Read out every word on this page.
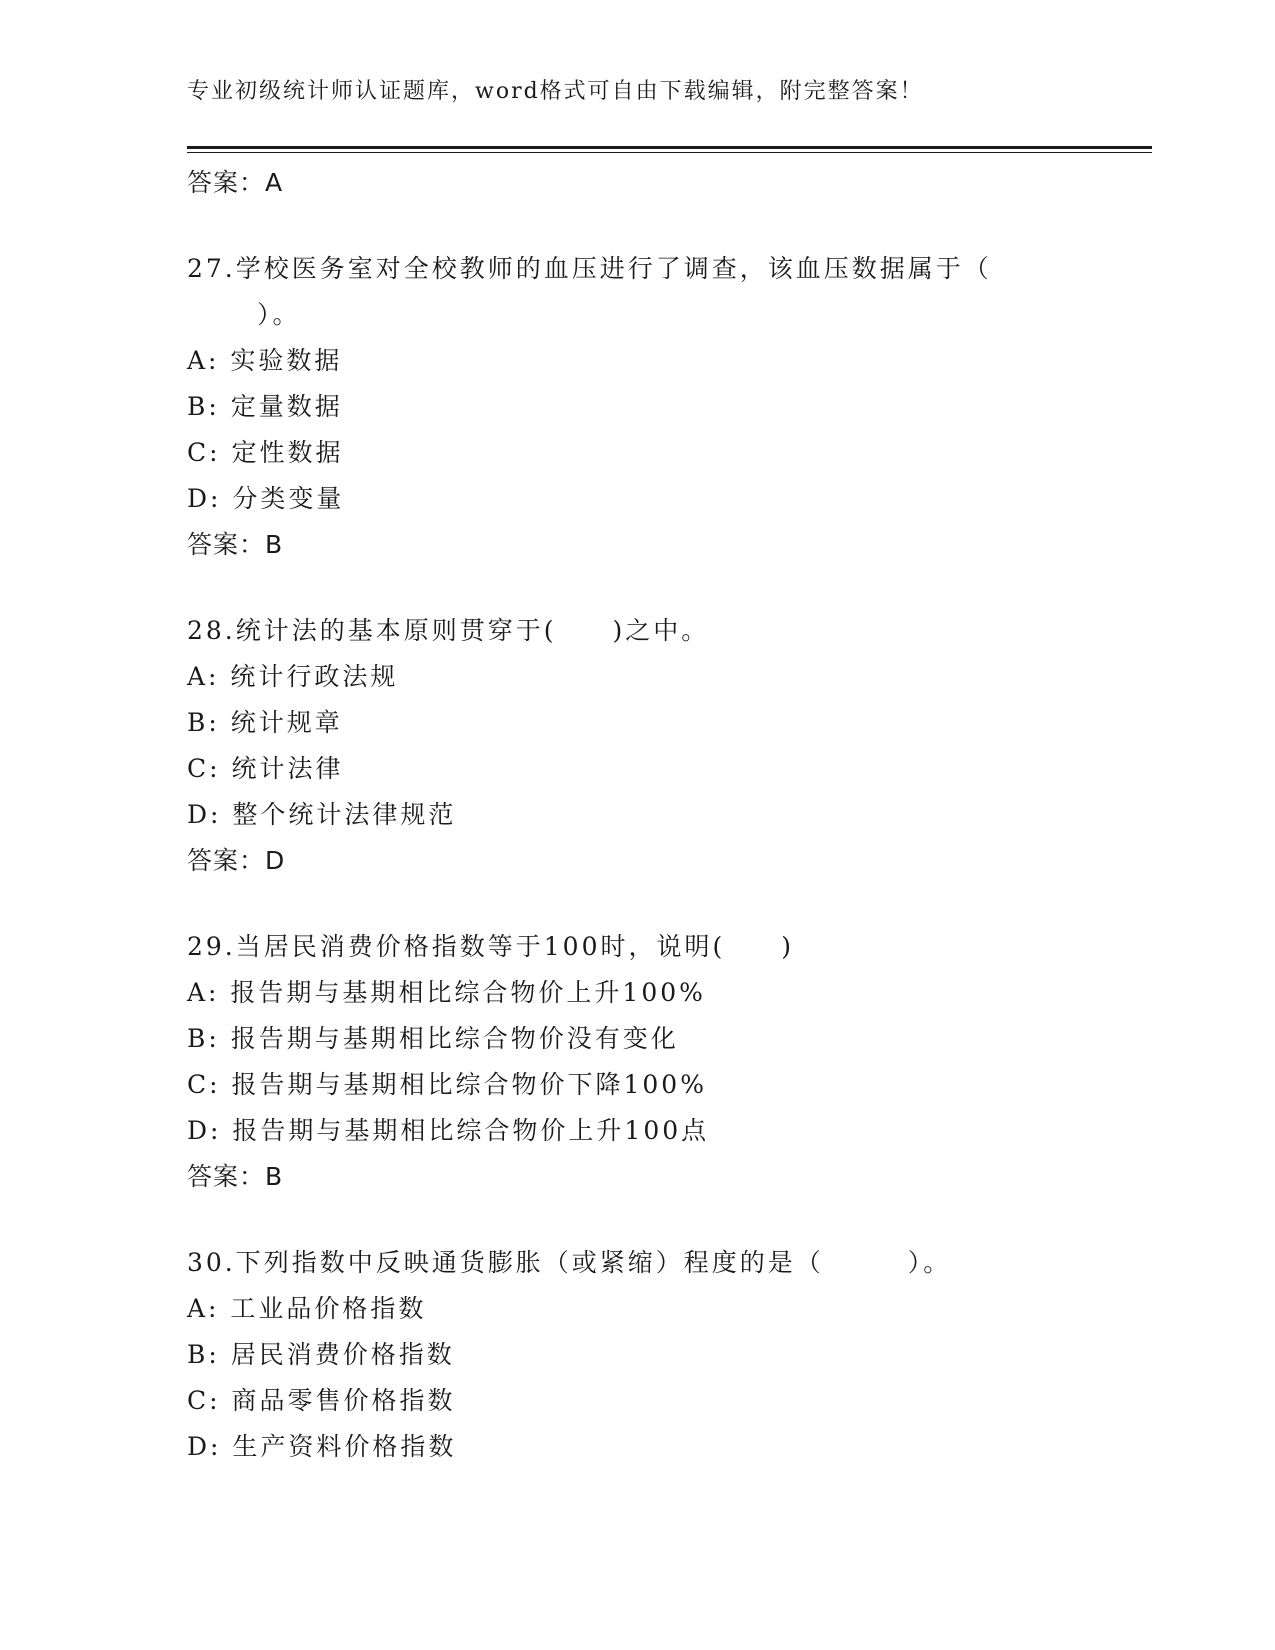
专业初级统计师认证题库，word格式可自由下载编辑，附完整答案！
答案：A
27.学校医务室对全校教师的血压进行了调查，该血压数据属于（
）。
A: 实验数据
B: 定量数据
C: 定性数据
D: 分类变量
答案：B
28.统计法的基本原则贯穿于(　　)之中。
A: 统计行政法规
B: 统计规章
C: 统计法律
D: 整个统计法律规范
答案：D
29.当居民消费价格指数等于100时，说明(　　)
A: 报告期与基期相比综合物价上升100%
B: 报告期与基期相比综合物价没有变化
C: 报告期与基期相比综合物价下降100%
D: 报告期与基期相比综合物价上升100点
答案：B
30.下列指数中反映通货膨胀（或紧缩）程度的是（　　　）。
A: 工业品价格指数
B: 居民消费价格指数
C: 商品零售价格指数
D: 生产资料价格指数
